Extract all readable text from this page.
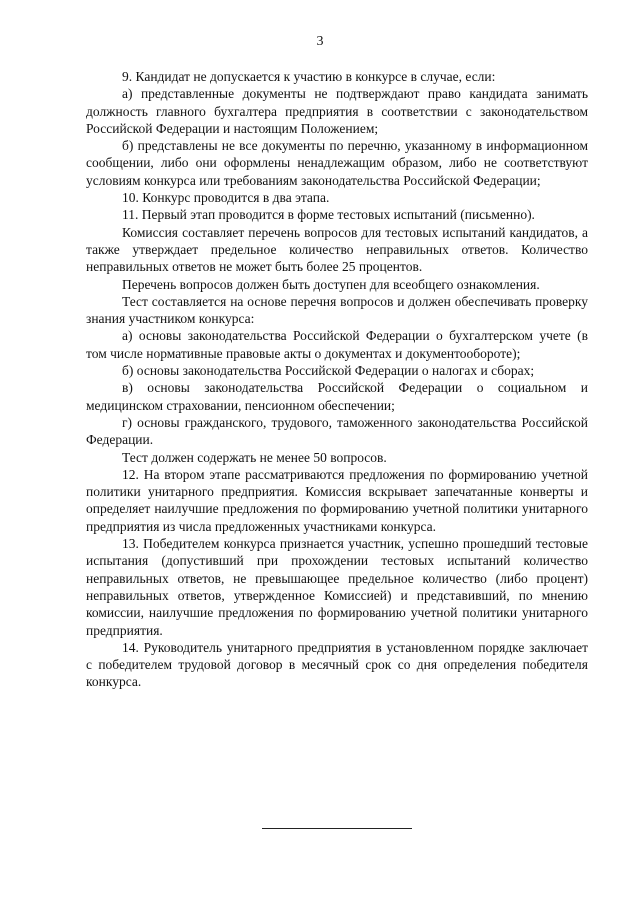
3

9. Кандидат не допускается к участию в конкурсе в случае, если:

а) представленные документы не подтверждают право кандидата занимать должность главного бухгалтера предприятия в соответствии с законодательством Российской Федерации и настоящим Положением;

б) представлены не все документы по перечню, указанному в информационном сообщении, либо они оформлены ненадлежащим образом, либо не соответствуют условиям конкурса или требованиям законодательства Российской Федерации;

10. Конкурс проводится в два этапа.

11. Первый этап проводится в форме тестовых испытаний (письменно).

Комиссия составляет перечень вопросов для тестовых испытаний кандидатов, а также утверждает предельное количество неправильных ответов. Количество неправильных ответов не может быть более 25 процентов.

Перечень вопросов должен быть доступен для всеобщего ознакомления.

Тест составляется на основе перечня вопросов и должен обеспечивать проверку знания участником конкурса:

а) основы законодательства Российской Федерации о бухгалтерском учете (в том числе нормативные правовые акты о документах и документообороте);

б) основы законодательства Российской Федерации о налогах и сборах;

в) основы законодательства Российской Федерации о социальном и медицинском страховании, пенсионном обеспечении;

г) основы гражданского, трудового, таможенного законодательства Российской Федерации.

Тест должен содержать не менее 50 вопросов.

12. На втором этапе рассматриваются предложения по формированию учетной политики унитарного предприятия. Комиссия вскрывает запечатанные конверты и определяет наилучшие предложения по формированию учетной политики унитарного предприятия из числа предложенных участниками конкурса.

13. Победителем конкурса признается участник, успешно прошедший тестовые испытания (допустивший при прохождении тестовых испытаний количество неправильных ответов, не превышающее предельное количество (либо процент) неправильных ответов, утвержденное Комиссией) и представивший, по мнению комиссии, наилучшие предложения по формированию учетной политики унитарного предприятия.

14. Руководитель унитарного предприятия в установленном порядке заключает с победителем трудовой договор в месячный срок со дня определения победителя конкурса.
